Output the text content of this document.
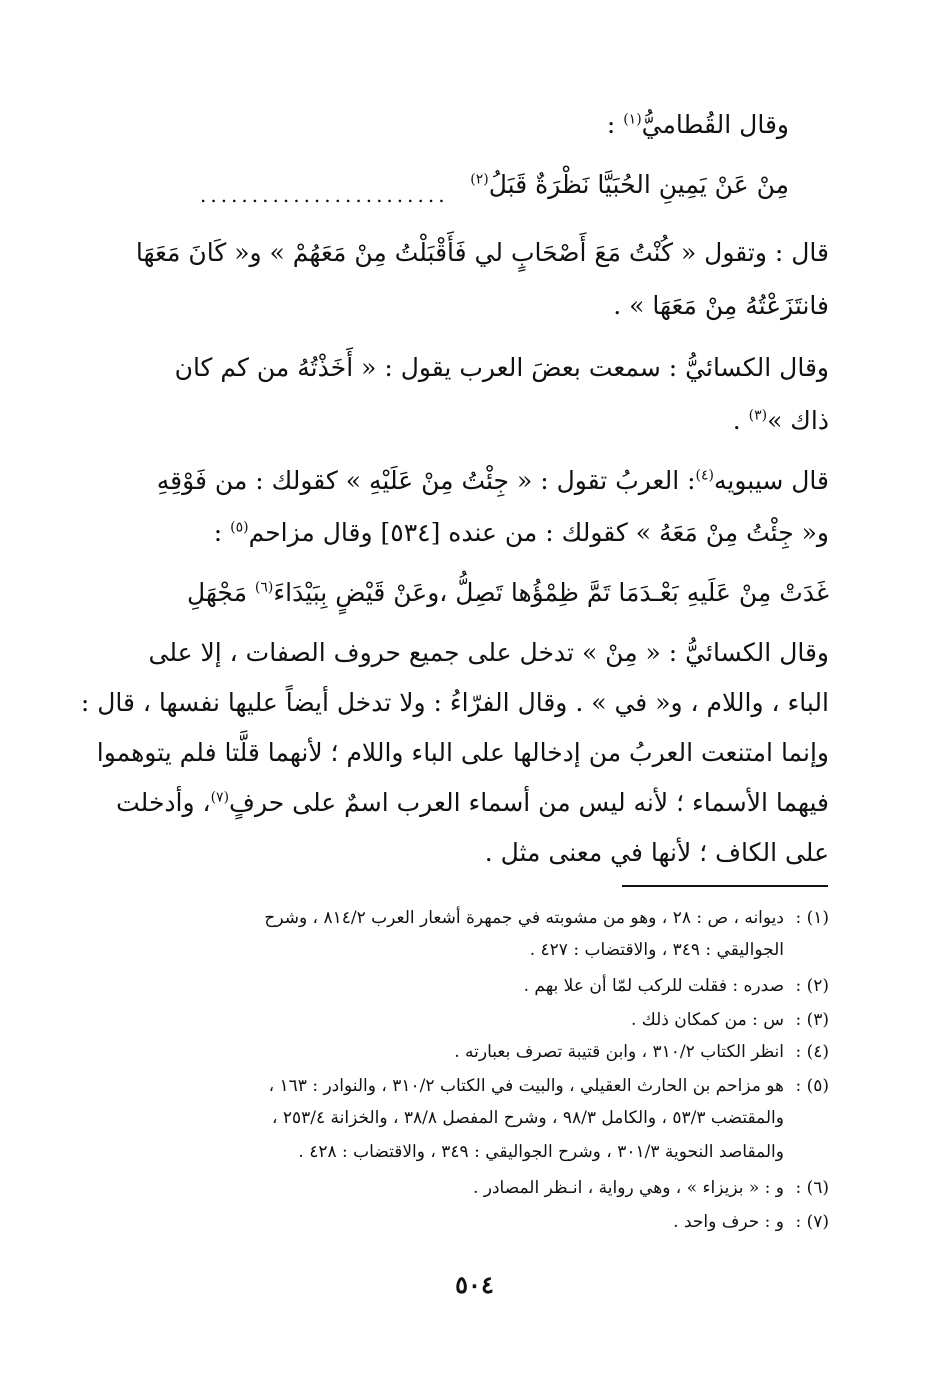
وقال القُطاميُّ$^{(١)}$ :
مِنْ عَنْ يَمِينِ الحُبَيَّا نَظْرَةٌ قَبَلُ$^{(٢)}$
........................
قال : وتقول « كُنْتُ مَعَ أَصْحَابٍ لي فَأَقْبَلْتُ مِنْ مَعَهُمْ » و« كَانَ مَعَهَا
فانتَزَعْتُهُ مِنْ مَعَهَا » .
وقال الكسائيُّ : سمعت بعضَ العرب يقول : « أَخَذْتُهُ من كم كان
ذاك »$^{(٣)}$ .
قال سيبويه$^{(٤)}$: العربُ تقول : « جِئْتُ مِنْ عَلَيْهِ » كقولك : من فَوْقِهِ
و« جِئْتُ مِنْ مَعَهُ » كقولك : من عنده [٥٣٤] وقال مزاحم$^{(٥)}$ :
غَدَتْ مِنْ عَلَيهِ بَعْـدَمَا تَمَّ ظِمْؤُها تَصِلُّ ،وعَنْ قَيْضٍ بِبَيْدَاءَ$^{(٦)}$ مَجْهَلِ
وقال الكسائيُّ : « مِنْ » تدخل على جميع حروف الصفات ، إلا على
الباء ، واللام ، و« في » . وقال الفرّاءُ : ولا تدخل أيضاً عليها نفسها ، قال :
وإنما امتنعت العربُ من إدخالها على الباء واللام ؛ لأنهما قلَّتا فلم يتوهموا
فيهما الأسماء ؛ لأنه ليس من أسماء العرب اسمٌ على حرفٍ$^{(٧)}$، وأدخلت
على الكاف ؛ لأنها في معنى مثل .
(١) :
ديوانه ، ص : ٢٨ ، وهو من مشوبته في جمهرة أشعار العرب ٨١٤/٢ ، وشرح
الجواليقي : ٣٤٩ ، والاقتضاب : ٤٢٧ .
(٢) :
صدره : فقلت للركب لمّا أن علا بهم .
(٣) :
س : من كمكان ذلك .
(٤) :
انظر الكتاب ٣١٠/٢ ، وابن قتيبة تصرف بعبارته .
(٥) :
هو مزاحم بن الحارث العقيلي ، والبيت في الكتاب ٣١٠/٢ ، والنوادر : ١٦٣ ،
والمقتضب ٥٣/٣ ، والكامل ٩٨/٣ ، وشرح المفصل ٣٨/٨ ، والخزانة ٢٥٣/٤ ،
والمقاصد النحوية ٣٠١/٣ ، وشرح الجواليقي : ٣٤٩ ، والاقتضاب : ٤٢٨ .
(٦) :
و : « بزيزاء » ، وهي رواية ، انـظر المصادر .
(٧) :
و : حرف واحد .
٥٠٤
